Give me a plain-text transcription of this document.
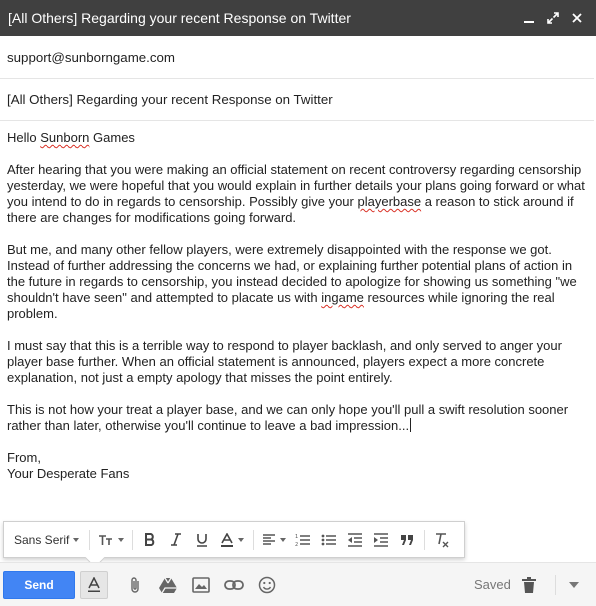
[All Others] Regarding your recent Response on Twitter
support@sunborngame.com
[All Others] Regarding your recent Response on Twitter

Hello Sunborn Games

After hearing that you were making an official statement on recent controversy regarding censorship yesterday, we were hopeful that you would explain in further details your plans going forward or what you intend to do in regards to censorship. Possibly give your playerbase a reason to stick around if there are changes for modifications going forward.

But me, and many other fellow players, were extremely disappointed with the response we got. Instead of further addressing the concerns we had, or explaining further potential plans of action in the future in regards to censorship, you instead decided to apologize for showing us something "we shouldn't have seen" and attempted to placate us with ingame resources while ignoring the real problem.

I must say that this is a terrible way to respond to player backlash, and only served to anger your player base further. When an official statement is announced, players expect a more concrete explanation, not just a empty apology that misses the point entirely.

This is not how your treat a player base, and we can only hope you'll pull a swift resolution sooner rather than later, otherwise you'll continue to leave a bad impression...

From,

Your Desperate Fans

Sans Serif	1
2
Send	Saved
